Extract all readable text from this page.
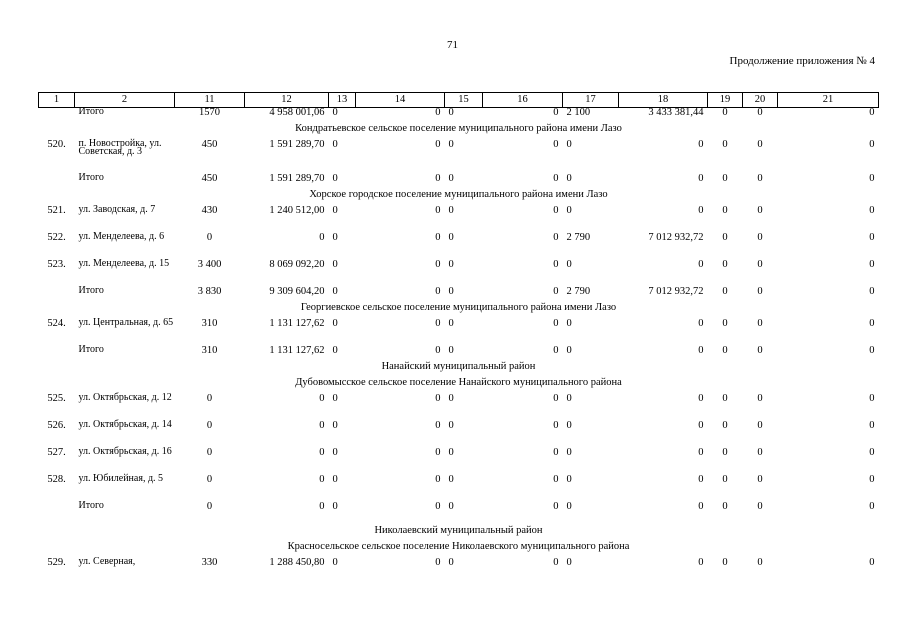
71
Продолжение приложения № 4
1	2	11	12	13	14	15	16	17	18	19	20	21
	Итого	1570	4 958 001,06	0	0	0	0	2 100	3 433 381,44	0	0	0
Кондратьевское сельское поселение муниципального района имени Лазо												
520.	п. Новостройка, ул. Советская, д. 3	450	1 591 289,70	0	0	0	0	0	0	0	0	0
	Итого	450	1 591 289,70	0	0	0	0	0	0	0	0	0
Хорское городское поселение муниципального района имени Лазо												
521.	ул. Заводская, д. 7	430	1 240 512,00	0	0	0	0	0	0	0	0	0
522.	ул. Менделеева, д. 6	0	0	0	0	0	0	2 790	7 012 932,72	0	0	0
523.	ул. Менделеева, д. 15	3 400	8 069 092,20	0	0	0	0	0	0	0	0	0
	Итого	3 830	9 309 604,20	0	0	0	0	2 790	7 012 932,72	0	0	0
Георгиевское сельское поселение муниципального района имени Лазо												
524.	ул. Центральная, д. 65	310	1 131 127,62	0	0	0	0	0	0	0	0	0
	Итого	310	1 131 127,62	0	0	0	0	0	0	0	0	0
Нанайский муниципальный район												
Дубовомысское сельское поселение Нанайского муниципального района												
525.	ул. Октябрьская, д. 12	0	0	0	0	0	0	0	0	0	0	0
526.	ул. Октябрьская, д. 14	0	0	0	0	0	0	0	0	0	0	0
527.	ул. Октябрьская, д. 16	0	0	0	0	0	0	0	0	0	0	0
528.	ул. Юбилейная, д. 5	0	0	0	0	0	0	0	0	0	0	0
	Итого	0	0	0	0	0	0	0	0	0	0	0
Николаевский муниципальный район												
Красносельское сельское поселение Николаевского муниципального района												
529.	ул. Северная,	330	1 288 450,80	0	0	0	0	0	0	0	0	0
